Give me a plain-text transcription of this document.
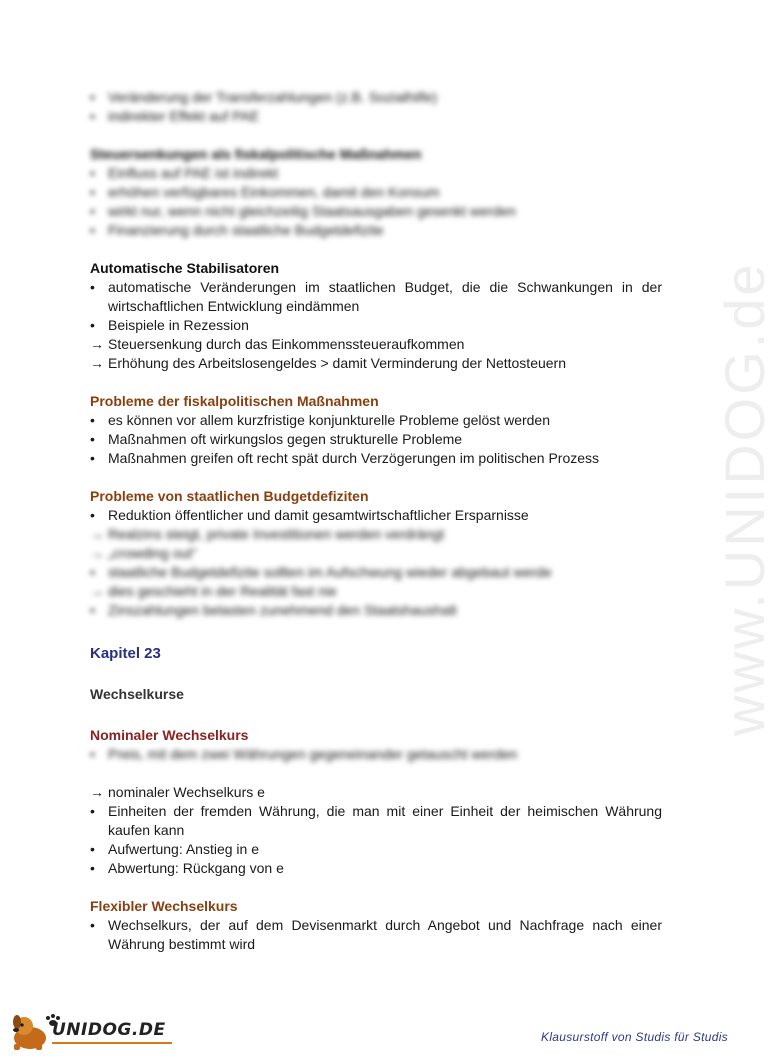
www.UNIDOG.de
• Veränderung der Transferzahlungen (z.B. Sozialhilfe)
• indirekter Effekt auf PAE

Steuersenkungen als fiskalpolitische Maßnahmen

• Einfluss auf PAE ist indirekt
• erhöhen verfügbares Einkommen, damit den Konsum
• wirkt nur, wenn nicht gleichzeitig Staatsausgaben gesenkt werden
• Finanzierung durch staatliche Budgetdefizite

Automatische Stabilisatoren

• automatische Veränderungen im staatlichen Budget, die die Schwankungen in der wirtschaftlichen Entwicklung eindämmen
• Beispiele in Rezession
→ Steuersenkung durch das Einkommenssteueraufkommen
→ Erhöhung des Arbeitslosengeldes > damit Verminderung der Nettosteuern

Probleme der fiskalpolitischen Maßnahmen

• es können vor allem kurzfristige konjunkturelle Probleme gelöst werden
• Maßnahmen oft wirkungslos gegen strukturelle Probleme
• Maßnahmen greifen oft recht spät durch Verzögerungen im politischen Prozess

Probleme von staatlichen Budgetdefiziten

• Reduktion öffentlicher und damit gesamtwirtschaftlicher Ersparnisse
→ Realzins steigt, private Investitionen werden verdrängt
→ „crowding out“
• staatliche Budgetdefizite sollten im Aufschwung wieder abgebaut werde
→ dies geschieht in der Realität fast nie
• Zinszahlungen belasten zunehmend den Staatshaushalt

Kapitel 23

Wechselkurse

Nominaler Wechselkurs

• Preis, mit dem zwei Währungen gegeneinander getauscht werden
→ nominaler Wechselkurs e
• Einheiten der fremden Währung, die man mit einer Einheit der heimischen Währung kaufen kann
• Aufwertung: Anstieg in e
• Abwertung: Rückgang von e

Flexibler Wechselkurs

• Wechselkurs, der auf dem Devisenmarkt durch Angebot und Nachfrage nach einer Währung bestimmt wird
UNIDOG.DE	Klausurstoff von Studis für Studis
